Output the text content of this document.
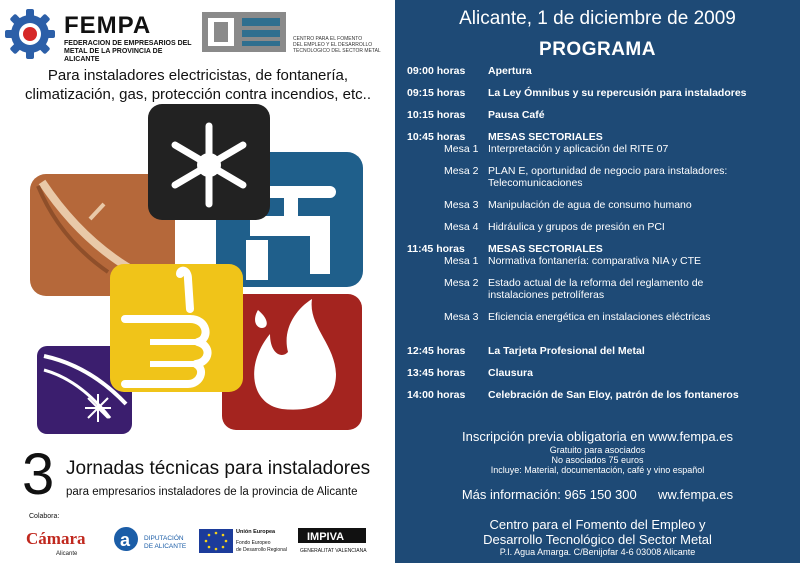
FEMPA
FEDERACION DE EMPRESARIOS DEL
METAL DE LA PROVINCIA DE ALICANTE
CENTRO PARA EL FOMENTO
DEL EMPLEO Y EL DESARROLLO
TECNOLOGICO DEL SECTOR METAL
Para instaladores electricistas, de fontanería,
climatización, gas, protección contra incendios, etc..
3 Jornadas técnicas para instaladores
para empresarios instaladores de la provincia de Alicante
Colabora:
Cámara
Alicante
a DIPUTACIÓN
DE ALICANTE
Unión Europea
Fondo Europeo
de Desarrollo Regional
IMPIVA
GENERALITAT VALENCIANA
Alicante, 1 de diciembre de 2009
PROGRAMA
09:00 horas Apertura
09:15 horas La Ley Ómnibus y su repercusión para instaladores
10:15 horas Pausa Café
10:45 horas MESAS SECTORIALES
Mesa 1 Interpretación y aplicación del RITE 07
Mesa 2 PLAN E, oportunidad de negocio para instaladores:
Telecomunicaciones
Mesa 3 Manipulación de agua de consumo humano
Mesa 4 Hidráulica y grupos de presión en PCI
11:45 horas MESAS SECTORIALES
Mesa 1 Normativa fontanería: comparativa NIA y CTE
Mesa 2 Estado actual de la reforma del reglamento de
instalaciones petrolíferas
Mesa 3 Eficiencia energética en instalaciones eléctricas
12:45 horas La Tarjeta Profesional del Metal
13:45 horas Clausura
14:00 horas Celebración de San Eloy, patrón de los fontaneros
Inscripción previa obligatoria en www.fempa.es
Gratuito para asociados
No asociados 75 euros
Incluye: Material, documentación, café y vino español
Más información: 965 150 300 ww.fempa.es
Centro para el Fomento del Empleo y
Desarrollo Tecnológico del Sector Metal
P.I. Agua Amarga. C/Benijofar 4-6 03008 Alicante
